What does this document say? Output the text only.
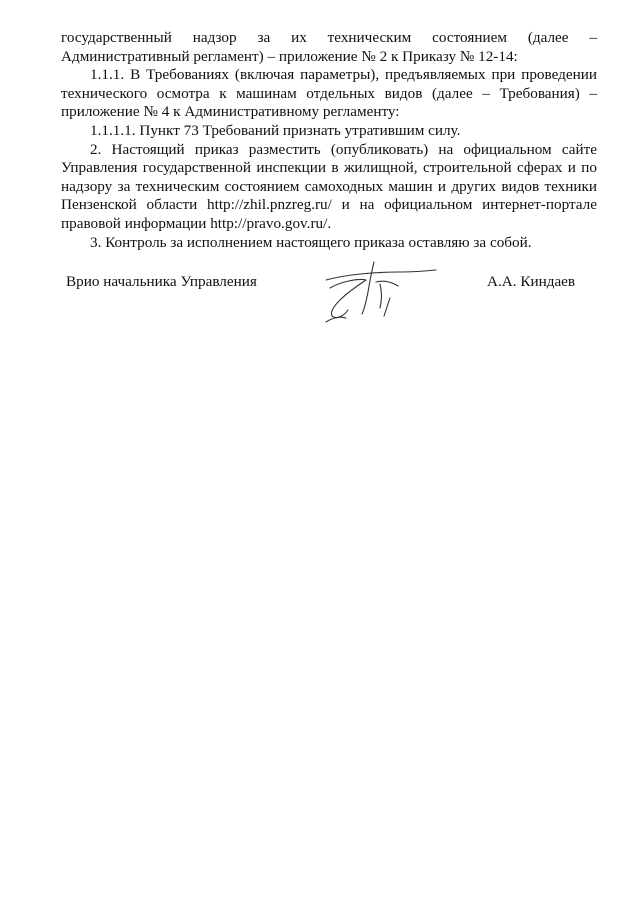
государственный надзор за их техническим состоянием (далее – Административный регламент) – приложение № 2 к Приказу № 12-14:

1.1.1. В Требованиях (включая параметры), предъявляемых при проведении технического осмотра к машинам отдельных видов (далее – Требования) – приложение № 4 к Административному регламенту:

1.1.1.1. Пункт 73 Требований признать утратившим силу.

2. Настоящий приказ разместить (опубликовать) на официальном сайте Управления государственной инспекции в жилищной, строительной сферах и по надзору за техническим состоянием самоходных машин и других видов техники Пензенской области http://zhil.pnzreg.ru/ и на официальном интернет-портале правовой информации http://pravo.gov.ru/.

3. Контроль за исполнением настоящего приказа оставляю за собой.

Врио начальника Управления	А.А. Киндаев
